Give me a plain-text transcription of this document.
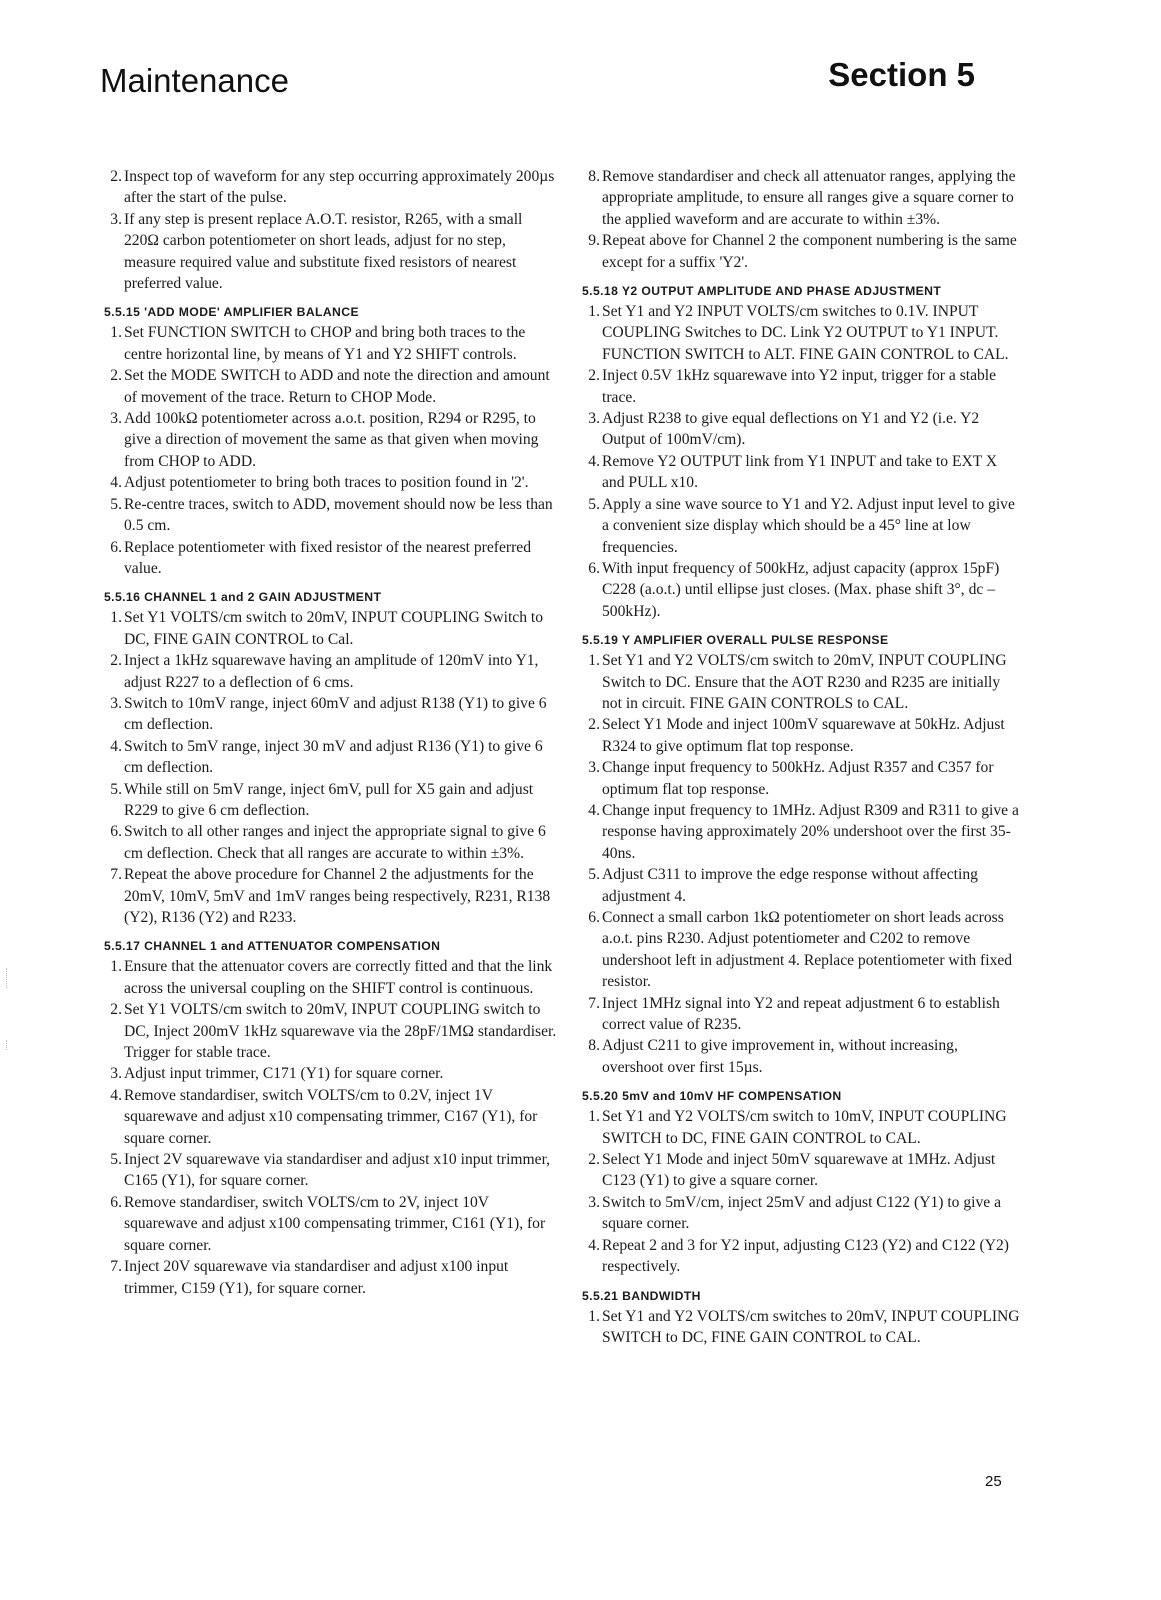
Maintenance	Section 5
2. Inspect top of waveform for any step occurring approximately 200µs after the start of the pulse.
3. If any step is present replace A.O.T. resistor, R265, with a small 220Ω carbon potentiometer on short leads, adjust for no step, measure required value and substitute fixed resistors of nearest preferred value.
5.5.15 'ADD MODE' AMPLIFIER BALANCE
1. Set FUNCTION SWITCH to CHOP and bring both traces to the centre horizontal line, by means of Y1 and Y2 SHIFT controls.
2. Set the MODE SWITCH to ADD and note the direction and amount of movement of the trace. Return to CHOP Mode.
3. Add 100kΩ potentiometer across a.o.t. position, R294 or R295, to give a direction of movement the same as that given when moving from CHOP to ADD.
4. Adjust potentiometer to bring both traces to position found in '2'.
5. Re-centre traces, switch to ADD, movement should now be less than 0.5 cm.
6. Replace potentiometer with fixed resistor of the nearest preferred value.
5.5.16 CHANNEL 1 and 2 GAIN ADJUSTMENT
1. Set Y1 VOLTS/cm switch to 20mV, INPUT COUPLING Switch to DC, FINE GAIN CONTROL to Cal.
2. Inject a 1kHz squarewave having an amplitude of 120mV into Y1, adjust R227 to a deflection of 6 cms.
3. Switch to 10mV range, inject 60mV and adjust R138 (Y1) to give 6 cm deflection.
4. Switch to 5mV range, inject 30 mV and adjust R136 (Y1) to give 6 cm deflection.
5. While still on 5mV range, inject 6mV, pull for X5 gain and adjust R229 to give 6 cm deflection.
6. Switch to all other ranges and inject the appropriate signal to give 6 cm deflection. Check that all ranges are accurate to within ±3%.
7. Repeat the above procedure for Channel 2 the adjustments for the 20mV, 10mV, 5mV and 1mV ranges being respectively, R231, R138 (Y2), R136 (Y2) and R233.
5.5.17 CHANNEL 1 and ATTENUATOR COMPENSATION
1. Ensure that the attenuator covers are correctly fitted and that the link across the universal coupling on the SHIFT control is continuous.
2. Set Y1 VOLTS/cm switch to 20mV, INPUT COUPLING switch to DC, Inject 200mV 1kHz squarewave via the 28pF/1MΩ standardiser. Trigger for stable trace.
3. Adjust input trimmer, C171 (Y1) for square corner.
4. Remove standardiser, switch VOLTS/cm to 0.2V, inject 1V squarewave and adjust x10 compensating trimmer, C167 (Y1), for square corner.
5. Inject 2V squarewave via standardiser and adjust x10 input trimmer, C165 (Y1), for square corner.
6. Remove standardiser, switch VOLTS/cm to 2V, inject 10V squarewave and adjust x100 compensating trimmer, C161 (Y1), for square corner.
7. Inject 20V squarewave via standardiser and adjust x100 input trimmer, C159 (Y1), for square corner.
8. Remove standardiser and check all attenuator ranges, applying the appropriate amplitude, to ensure all ranges give a square corner to the applied waveform and are accurate to within ±3%.
9. Repeat above for Channel 2 the component numbering is the same except for a suffix 'Y2'.
5.5.18 Y2 OUTPUT AMPLITUDE AND PHASE ADJUSTMENT
1. Set Y1 and Y2 INPUT VOLTS/cm switches to 0.1V. INPUT COUPLING Switches to DC. Link Y2 OUTPUT to Y1 INPUT. FUNCTION SWITCH to ALT. FINE GAIN CONTROL to CAL.
2. Inject 0.5V 1kHz squarewave into Y2 input, trigger for a stable trace.
3. Adjust R238 to give equal deflections on Y1 and Y2 (i.e. Y2 Output of 100mV/cm).
4. Remove Y2 OUTPUT link from Y1 INPUT and take to EXT X and PULL x10.
5. Apply a sine wave source to Y1 and Y2. Adjust input level to give a convenient size display which should be a 45° line at low frequencies.
6. With input frequency of 500kHz, adjust capacity (approx 15pF) C228 (a.o.t.) until ellipse just closes. (Max. phase shift 3°, dc – 500kHz).
5.5.19 Y AMPLIFIER OVERALL PULSE RESPONSE
1. Set Y1 and Y2 VOLTS/cm switch to 20mV, INPUT COUPLING Switch to DC. Ensure that the AOT R230 and R235 are initially not in circuit. FINE GAIN CONTROLS to CAL.
2. Select Y1 Mode and inject 100mV squarewave at 50kHz. Adjust R324 to give optimum flat top response.
3. Change input frequency to 500kHz. Adjust R357 and C357 for optimum flat top response.
4. Change input frequency to 1MHz. Adjust R309 and R311 to give a response having approximately 20% undershoot over the first 35-40ns.
5. Adjust C311 to improve the edge response without affecting adjustment 4.
6. Connect a small carbon 1kΩ potentiometer on short leads across a.o.t. pins R230. Adjust potentiometer and C202 to remove undershoot left in adjustment 4. Replace potentiometer with fixed resistor.
7. Inject 1MHz signal into Y2 and repeat adjustment 6 to establish correct value of R235.
8. Adjust C211 to give improvement in, without increasing, overshoot over first 15µs.
5.5.20 5mV and 10mV HF COMPENSATION
1. Set Y1 and Y2 VOLTS/cm switch to 10mV, INPUT COUPLING SWITCH to DC, FINE GAIN CONTROL to CAL.
2. Select Y1 Mode and inject 50mV squarewave at 1MHz. Adjust C123 (Y1) to give a square corner.
3. Switch to 5mV/cm, inject 25mV and adjust C122 (Y1) to give a square corner.
4. Repeat 2 and 3 for Y2 input, adjusting C123 (Y2) and C122 (Y2) respectively.
5.5.21 BANDWIDTH
1. Set Y1 and Y2 VOLTS/cm switches to 20mV, INPUT COUPLING SWITCH to DC, FINE GAIN CONTROL to CAL.
25
